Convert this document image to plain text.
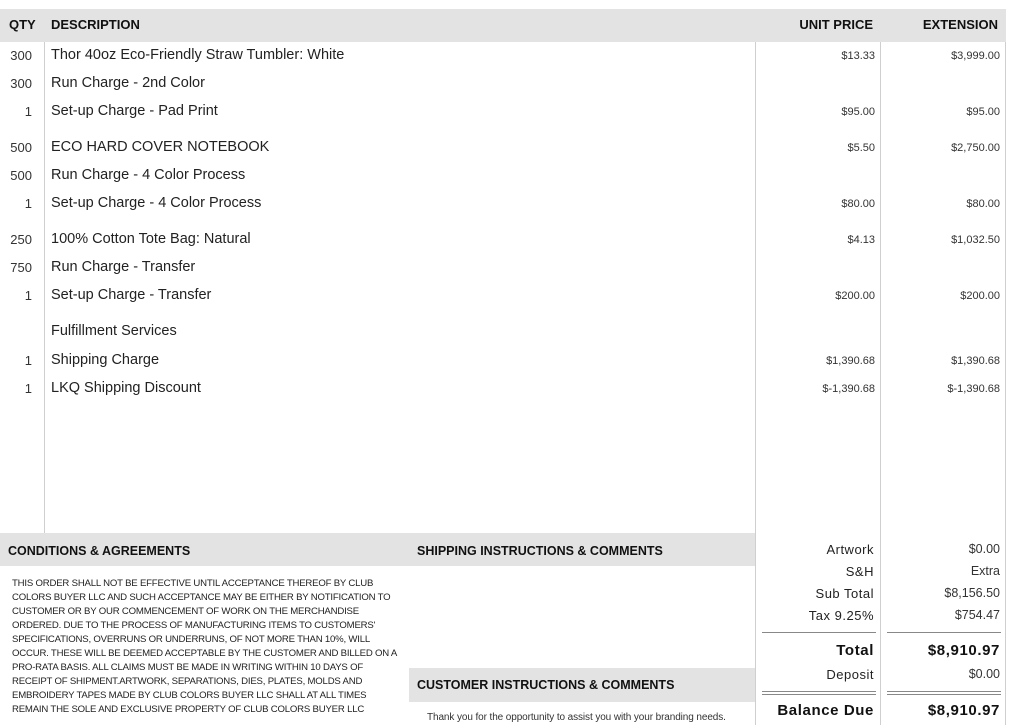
QTY DESCRIPTION	UNIT PRICE	EXTENSION
300 Thor 40oz Eco-Friendly Straw Tumbler: White	$13.33	$3,999.00
300 Run Charge - 2nd Color
1 Set-up Charge - Pad Print	$95.00	$95.00
500 ECO HARD COVER NOTEBOOK	$5.50	$2,750.00
500 Run Charge - 4 Color Process
1 Set-up Charge - 4 Color Process	$80.00	$80.00
250 100% Cotton Tote Bag: Natural	$4.13	$1,032.50
750 Run Charge - Transfer
1 Set-up Charge - Transfer	$200.00	$200.00
Fulfillment Services
1 Shipping Charge	$1,390.68	$1,390.68
1 LKQ Shipping Discount	$-1,390.68	$-1,390.68
CONDITIONS & AGREEMENTS	SHIPPING INSTRUCTIONS & COMMENTS
CUSTOMER INSTRUCTIONS & COMMENTS
THIS ORDER SHALL NOT BE EFFECTIVE UNTIL ACCEPTANCE THEREOF BY CLUB COLORS BUYER LLC AND SUCH ACCEPTANCE MAY BE EITHER BY NOTIFICATION TO CUSTOMER OR BY OUR COMMENCEMENT OF WORK ON THE MERCHANDISE ORDERED. DUE TO THE PROCESS OF MANUFACTURING ITEMS TO CUSTOMERS' SPECIFICATIONS, OVERRUNS OR UNDERRUNS, OF NOT MORE THAN 10%, WILL OCCUR. THESE WILL BE DEEMED ACCEPTABLE BY THE CUSTOMER AND BILLED ON A PRO-RATA BASIS. ALL CLAIMS MUST BE MADE IN WRITING WITHIN 10 DAYS OF RECEIPT OF SHIPMENT.ARTWORK, SEPARATIONS, DIES, PLATES, MOLDS AND EMBROIDERY TAPES MADE BY CLUB COLORS BUYER LLC SHALL AT ALL TIMES REMAIN THE SOLE AND EXCLUSIVE PROPERTY OF CLUB COLORS BUYER LLC
Thank you for the opportunity to assist you with your branding needs.
Artwork	$0.00
S&H	Extra
Sub Total	$8,156.50
Tax 9.25%	$754.47
Total	$8,910.97
Deposit	$0.00
Balance Due	$8,910.97
